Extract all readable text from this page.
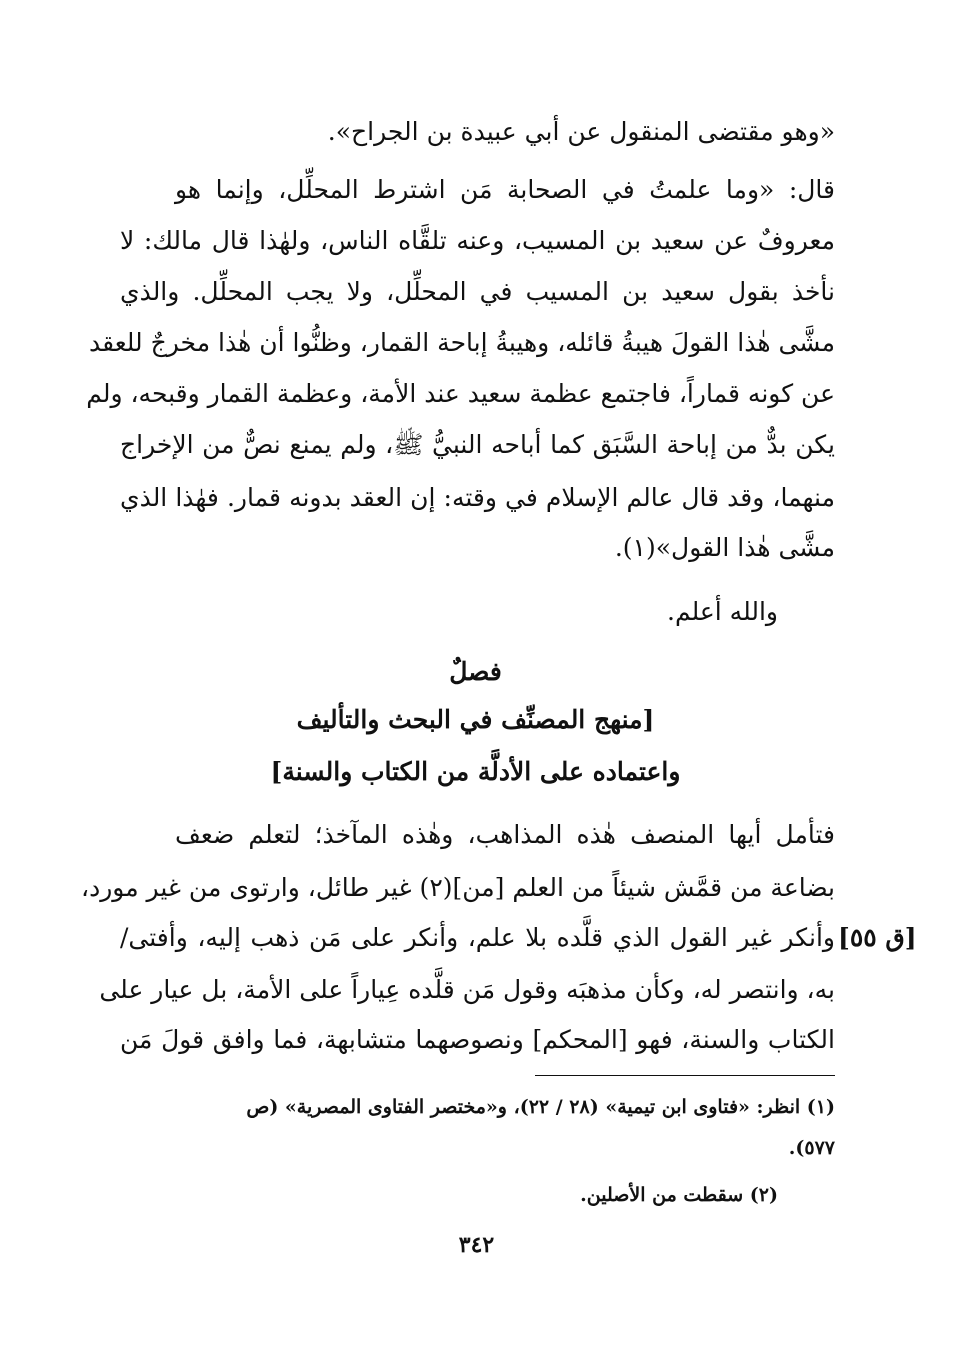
«وهو مقتضى المنقول عن أبي عبيدة بن الجراح».
قال: «وما علمتُ في الصحابة مَن اشترط المحلِّل، وإنما هو
معروفٌ عن سعيد بن المسيب، وعنه تلقَّاه الناس، ولهٰذا قال مالك: لا
نأخذ بقول سعيد بن المسيب في المحلِّل، ولا يجب المحلِّل. والذي
مشَّى هٰذا القولَ هيبةُ قائله، وهيبةُ إباحة القمار، وظنُّوا أن هٰذا مخرجٌ للعقد
عن كونه قماراً، فاجتمع عظمة سعيد عند الأمة، وعظمة القمار وقبحه، ولم
يكن بدٌّ من إباحة السَّبَق كما أباحه النبيُّ ﷺ، ولم يمنع نصٌّ من الإخراج
منهما، وقد قال عالم الإسلام في وقته: إن العقد بدونه قمار. فهٰذا الذي
مشَّى هٰذا القول»(١).
والله أعلم.
فصلٌ
[منهج المصنِّف في البحث والتأليف
واعتماده على الأدلَّة من الكتاب والسنة]
فتأمل أيها المنصف هٰذه المذاهب، وهٰذه المآخذ؛ لتعلم ضعف
بضاعة من قمَّش شيئاً من العلم [من](٢) غير طائل، وارتوى من غير مورد،
وأنكر غير القول الذي قلَّده بلا علم، وأنكر على مَن ذهب إليه، وأفتى/ [ق ٥٥]
به، وانتصر له، وكأن مذهبَه وقول مَن قلَّده عِياراً على الأمة، بل عيار على
الكتاب والسنة، فهو [المحكم] ونصوصهما متشابهة، فما وافق قولَ مَن
(١) انظر: «فتاوى ابن تيمية» (٢٨ / ٢٢)، و«مختصر الفتاوى المصرية» (ص
٥٧٧).
(٢) سقطت من الأصلين.
٣٤٢
